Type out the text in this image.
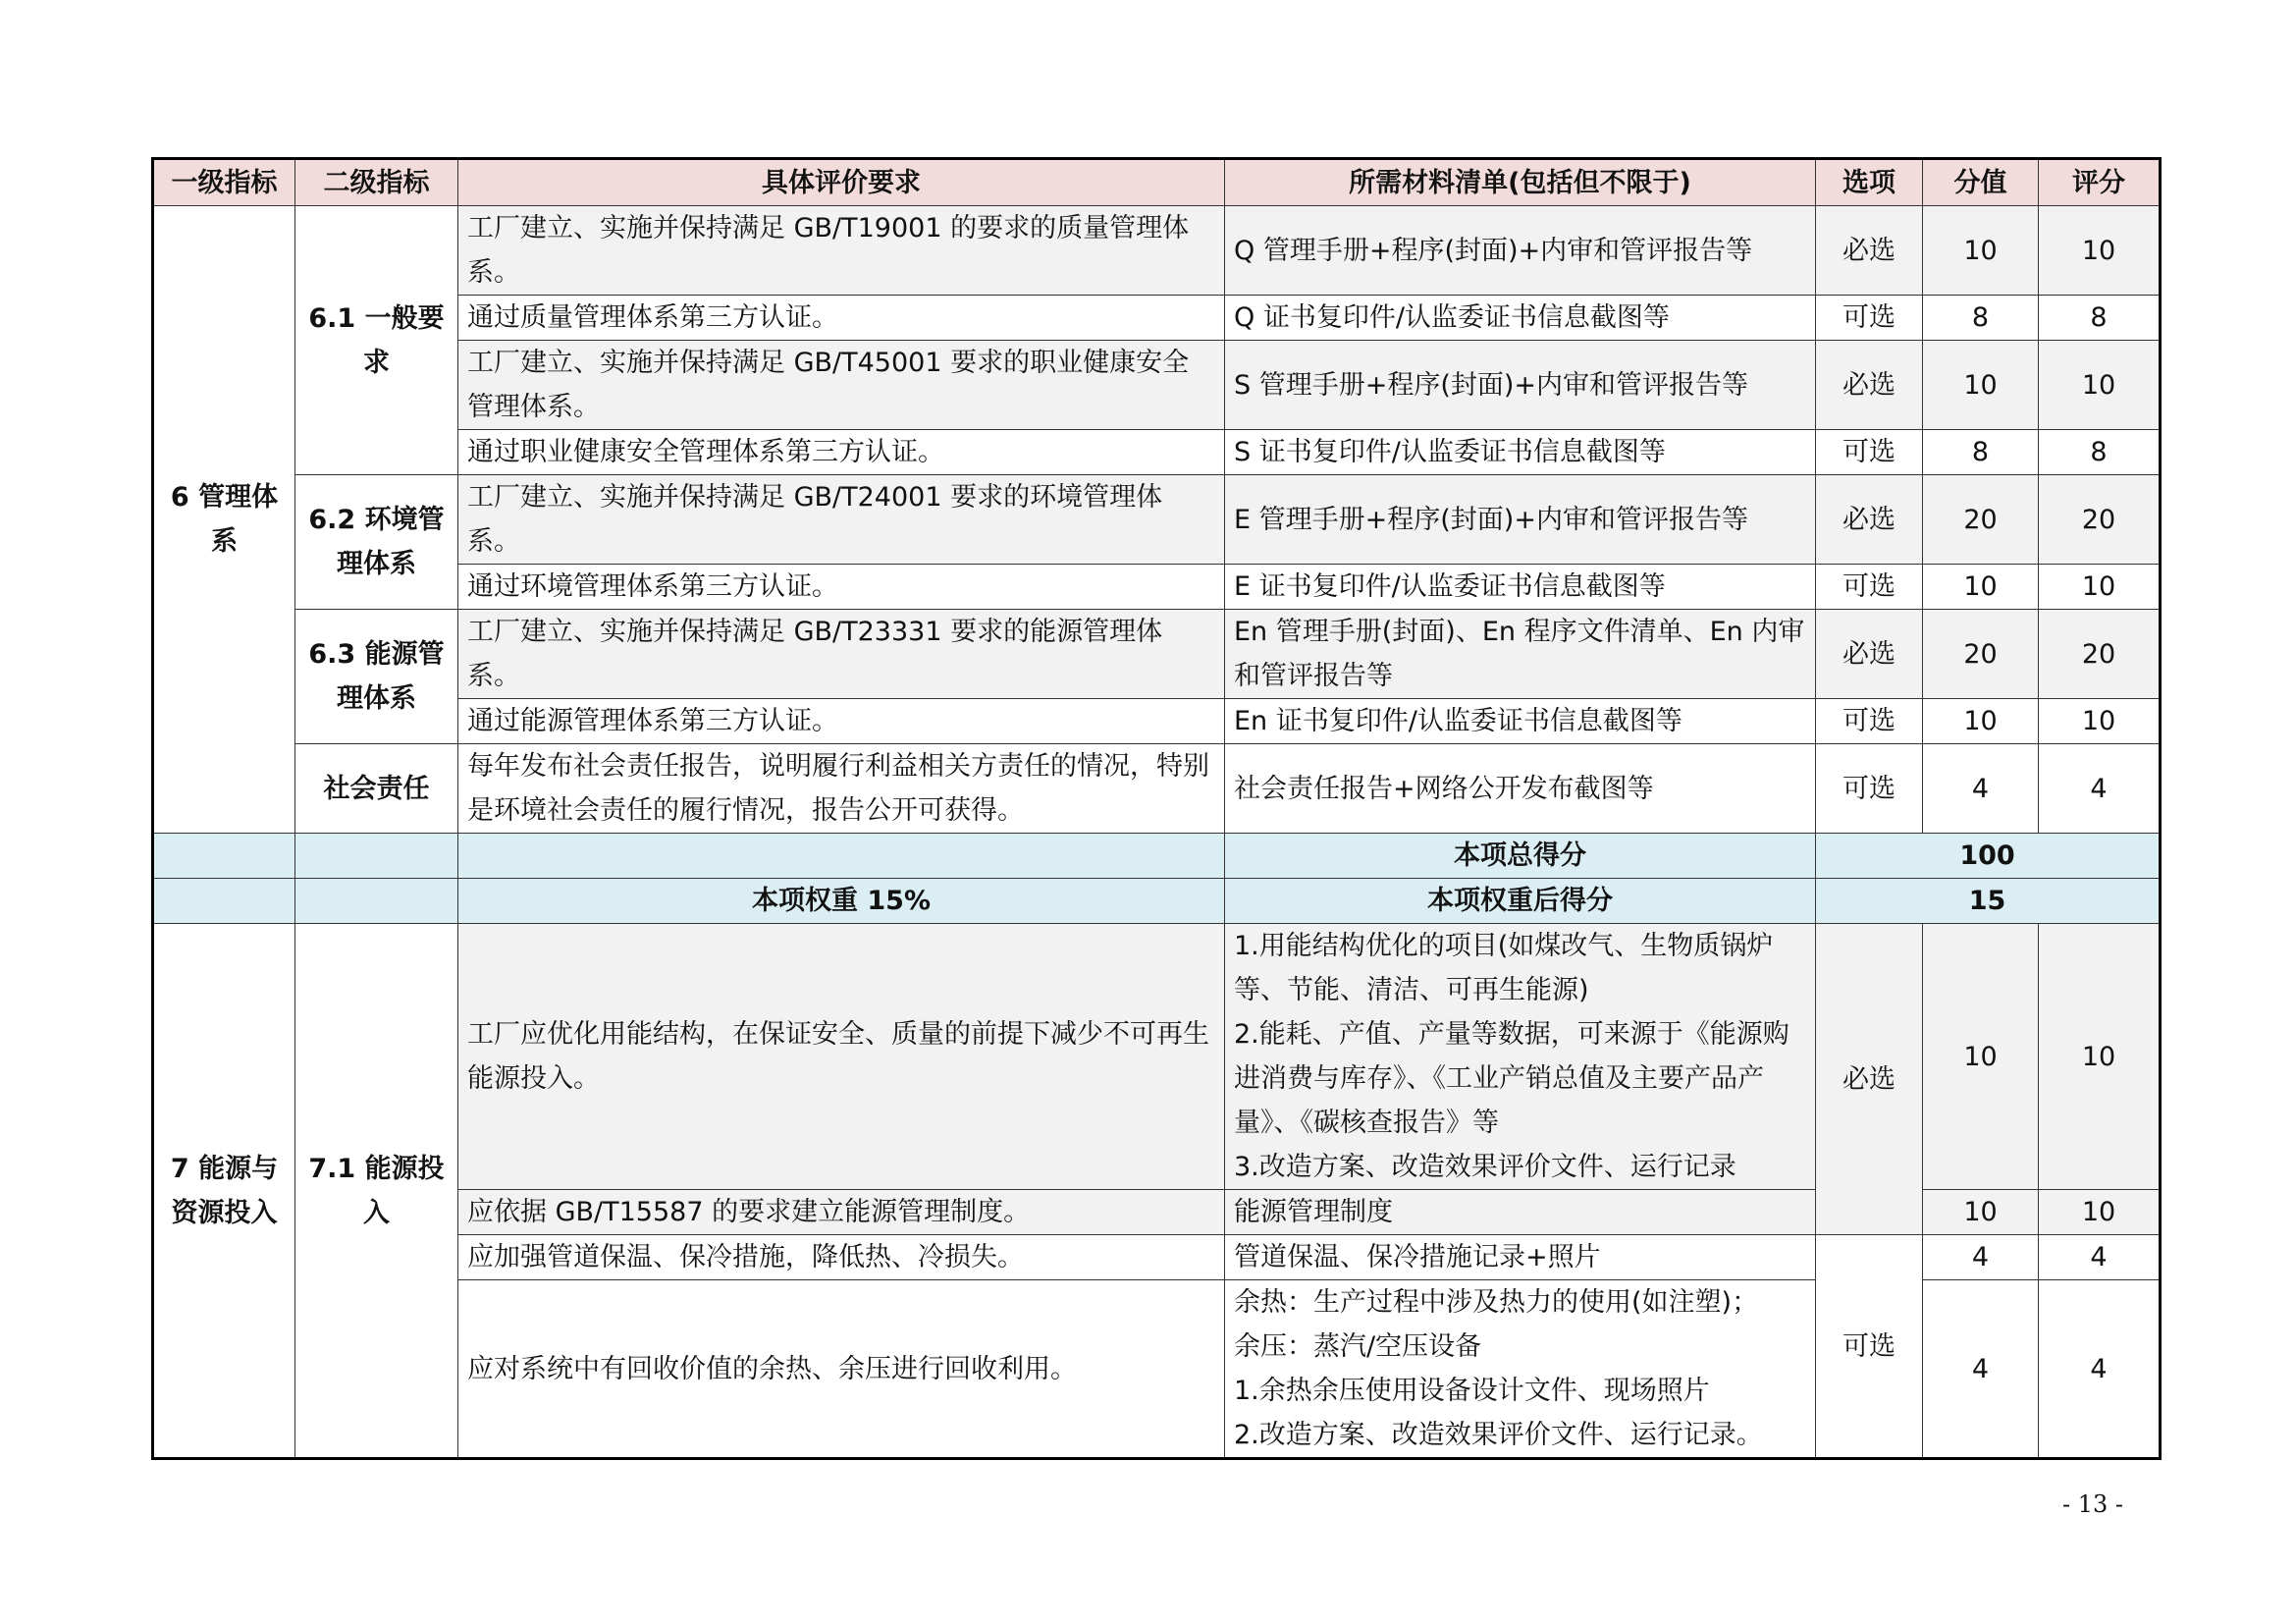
一级指标	二级指标	具体评价要求	所需材料清单(包括但不限于)	选项	分值	评分
6 管理体系	6.1 一般要求	工厂建立、实施并保持满足 GB/T19001 的要求的质量管理体系。	Q 管理手册+程序(封面)+内审和管评报告等	必选	10	10
		通过质量管理体系第三方认证。	Q 证书复印件/认监委证书信息截图等	可选	8	8
		工厂建立、实施并保持满足 GB/T45001 要求的职业健康安全管理体系。	S 管理手册+程序(封面)+内审和管评报告等	必选	10	10
		通过职业健康安全管理体系第三方认证。	S 证书复印件/认监委证书信息截图等	可选	8	8
	6.2 环境管理体系	工厂建立、实施并保持满足 GB/T24001 要求的环境管理体系。	E 管理手册+程序(封面)+内审和管评报告等	必选	20	20
		通过环境管理体系第三方认证。	E 证书复印件/认监委证书信息截图等	可选	10	10
	6.3 能源管理体系	工厂建立、实施并保持满足 GB/T23331 要求的能源管理体系。	En 管理手册(封面)、En 程序文件清单、En 内审和管评报告等	必选	20	20
		通过能源管理体系第三方认证。	En 证书复印件/认监委证书信息截图等	可选	10	10
	社会责任	每年发布社会责任报告，说明履行利益相关方责任的情况，特别是环境社会责任的履行情况，报告公开可获得。	社会责任报告+网络公开发布截图等	可选	4	4
			本项总得分	100		
		本项权重 15%	本项权重后得分	15		
7 能源与资源投入	7.1 能源投入	工厂应优化用能结构，在保证安全、质量的前提下减少不可再生能源投入。	1.用能结构优化的项目(如煤改气、生物质锅炉等、节能、清洁、可再生能源)
2.能耗、产值、产量等数据，可来源于《能源购进消费与库存》、《工业产销总值及主要产品产量》、《碳核查报告》等
3.改造方案、改造效果评价文件、运行记录	必选	10	10
		应依据 GB/T15587 的要求建立能源管理制度。	能源管理制度		10	10
		应加强管道保温、保冷措施，降低热、冷损失。	管道保温、保冷措施记录+照片	可选	4	4
		应对系统中有回收价值的余热、余压进行回收利用。	余热：生产过程中涉及热力的使用(如注塑)；
余压：蒸汽/空压设备
1.余热余压使用设备设计文件、现场照片
2.改造方案、改造效果评价文件、运行记录。		4	4
- 13 -
